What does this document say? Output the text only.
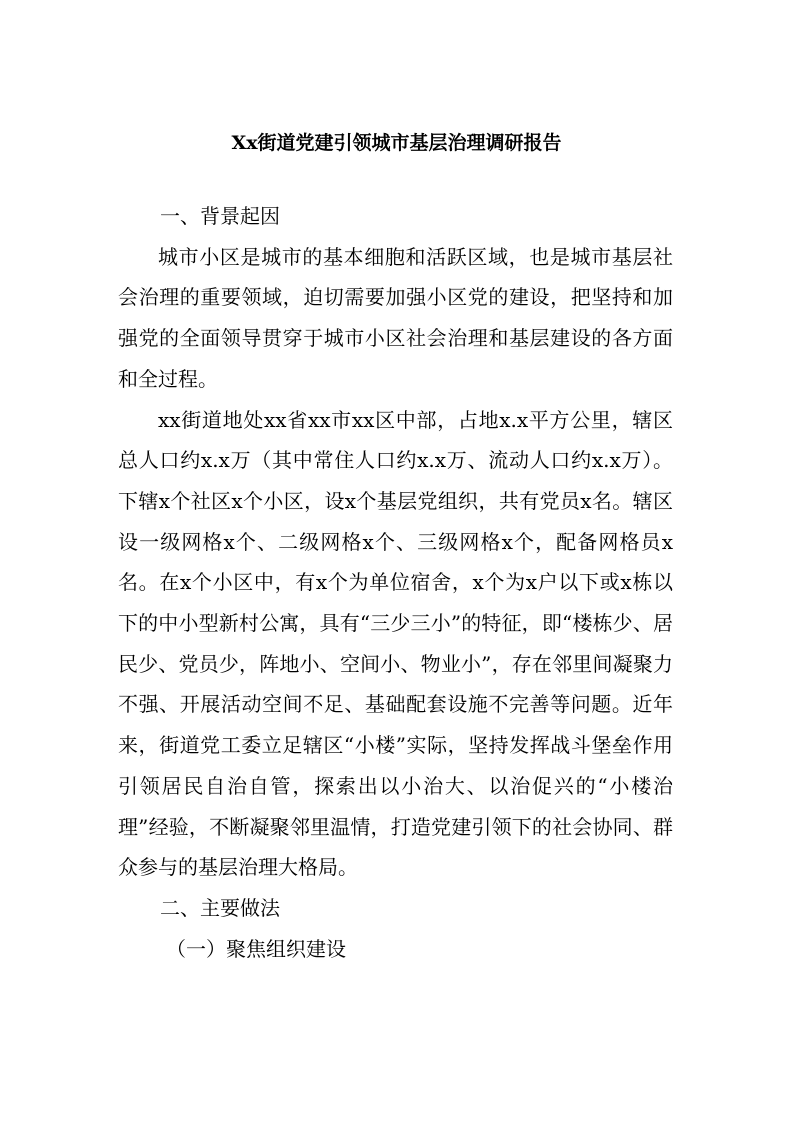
Xx街道党建引领城市基层治理调研报告

一、背景起因

城市小区是城市的基本细胞和活跃区域，也是城市基层社会治理的重要领域，迫切需要加强小区党的建设，把坚持和加强党的全面领导贯穿于城市小区社会治理和基层建设的各方面和全过程。

xx街道地处xx省xx市xx区中部，占地x.x平方公里，辖区总人口约x.x万（其中常住人口约x.x万、流动人口约x.x万）。下辖x个社区x个小区，设x个基层党组织，共有党员x名。辖区设一级网格x个、二级网格x个、三级网格x个，配备网格员x名。在x个小区中，有x个为单位宿舍，x个为x户以下或x栋以下的中小型新村公寓，具有“三少三小”的特征，即“楼栋少、居民少、党员少，阵地小、空间小、物业小”，存在邻里间凝聚力不强、开展活动空间不足、基础配套设施不完善等问题。近年来，街道党工委立足辖区“小楼”实际，坚持发挥战斗堡垒作用引领居民自治自管，探索出以小治大、以治促兴的“小楼治理”经验，不断凝聚邻里温情，打造党建引领下的社会协同、群众参与的基层治理大格局。

二、主要做法

（一）聚焦组织建设
